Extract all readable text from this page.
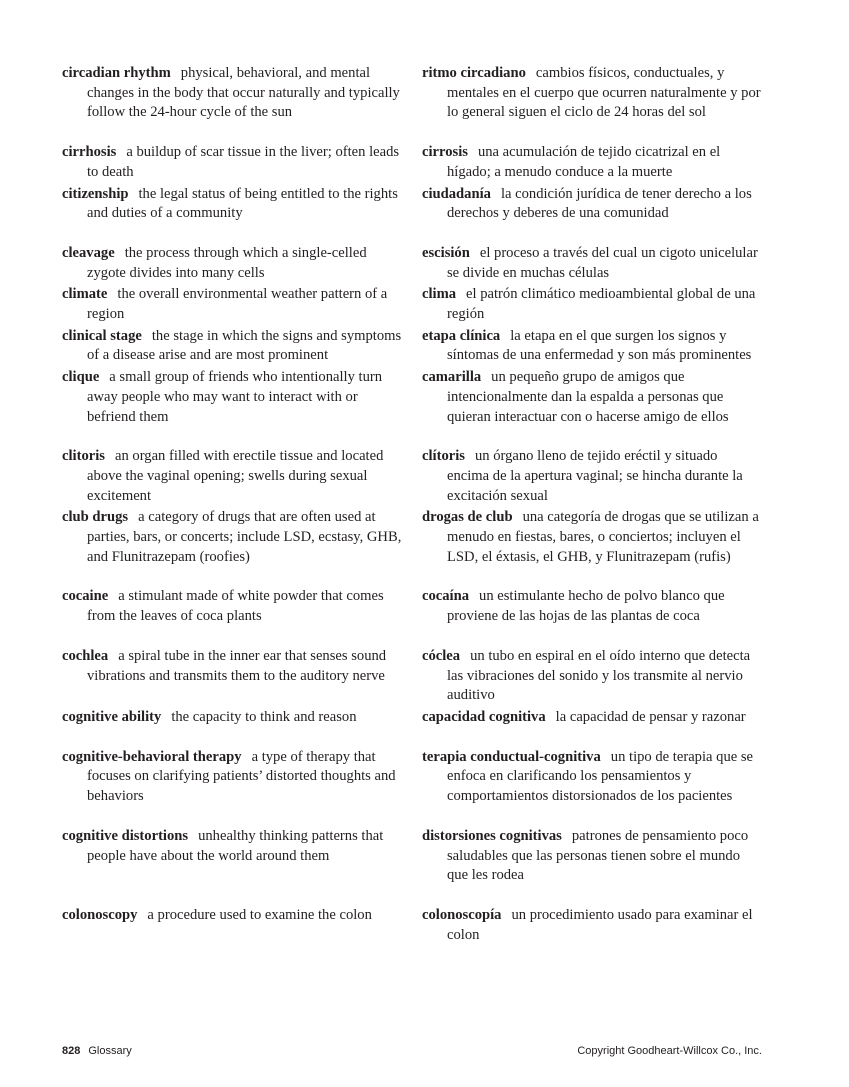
circadian rhythm physical, behavioral, and mental changes in the body that occur naturally and typically follow the 24-hour cycle of the sun
ritmo circadiano cambios físicos, conductuales, y mentales en el cuerpo que ocurren naturalmente y por lo general siguen el ciclo de 24 horas del sol
cirrhosis a buildup of scar tissue in the liver; often leads to death
cirrosis una acumulación de tejido cicatrizal en el hígado; a menudo conduce a la muerte
citizenship the legal status of being entitled to the rights and duties of a community
ciudadanía la condición jurídica de tener derecho a los derechos y deberes de una comunidad
cleavage the process through which a single-celled zygote divides into many cells
escisión el proceso a través del cual un cigoto unicelular se divide en muchas células
climate the overall environmental weather pattern of a region
clima el patrón climático medioambiental global de una región
clinical stage the stage in which the signs and symptoms of a disease arise and are most prominent
etapa clínica la etapa en el que surgen los signos y síntomas de una enfermedad y son más prominentes
clique a small group of friends who intentionally turn away people who may want to interact with or befriend them
camarilla un pequeño grupo de amigos que intencionalmente dan la espalda a personas que quieran interactuar con o hacerse amigo de ellos
clitoris an organ filled with erectile tissue and located above the vaginal opening; swells during sexual excitement
clítoris un órgano lleno de tejido eréctil y situado encima de la apertura vaginal; se hincha durante la excitación sexual
club drugs a category of drugs that are often used at parties, bars, or concerts; include LSD, ecstasy, GHB, and Flunitrazepam (roofies)
drogas de club una categoría de drogas que se utilizan a menudo en fiestas, bares, o conciertos; incluyen el LSD, el éxtasis, el GHB, y Flunitrazepam (rufis)
cocaine a stimulant made of white powder that comes from the leaves of coca plants
cocaína un estimulante hecho de polvo blanco que proviene de las hojas de las plantas de coca
cochlea a spiral tube in the inner ear that senses sound vibrations and transmits them to the auditory nerve
cóclea un tubo en espiral en el oído interno que detecta las vibraciones del sonido y los transmite al nervio auditivo
cognitive ability the capacity to think and reason	capacidad cognitiva la capacidad de pensar y razonar
cognitive-behavioral therapy a type of therapy that focuses on clarifying patients’ distorted thoughts and behaviors
terapia conductual-cognitiva un tipo de terapia que se enfoca en clarificando los pensamientos y comportamientos distorsionados de los pacientes
cognitive distortions unhealthy thinking patterns that people have about the world around them
distorsiones cognitivas patrones de pensamiento poco saludables que las personas tienen sobre el mundo que les rodea
colonoscopy a procedure used to examine the colon	colonoscopía un procedimiento usado para examinar el colon
828 Glossary	Copyright Goodheart-Willcox Co., Inc.
